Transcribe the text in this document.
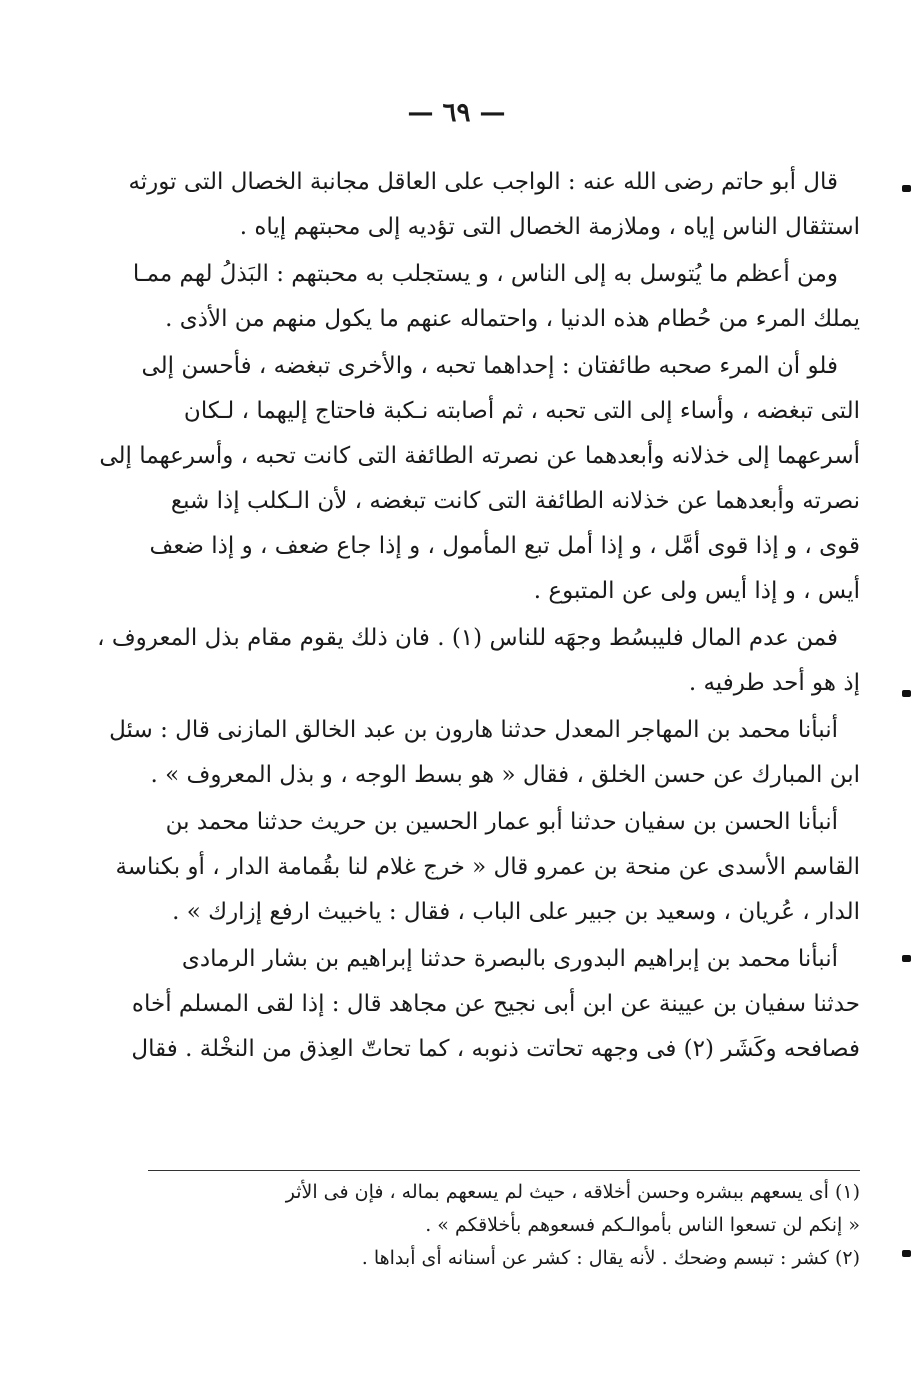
— ٦٩ —
قال أبو حاتم رضى الله عنه : الواجب على العاقل مجانبة الخصال التى تورثه
استثقال الناس إياه ، وملازمة الخصال التى تؤديه إلى محبتهم إياه .
ومن أعظم ما يُتوسل به إلى الناس ، و يستجلب به محبتهم : البَذلُ لهم ممـا
يملك المرء من حُطام هذه الدنيا ، واحتماله عنهم ما يكول منهم من الأذى .
فلو أن المرء صحبه طائفتان : إحداهما تحبه ، والأخرى تبغضه ، فأحسن إلى
التى تبغضه ، وأساء إلى التى تحبه ، ثم أصابته نـكبة فاحتاج إليهما ، لـكان
أسرعهما إلى خذلانه وأبعدهما عن نصرته الطائفة التى كانت تحبه ، وأسرعهما إلى
نصرته وأبعدهما عن خذلانه الطائفة التى كانت تبغضه ، لأن الـكلب إذا شبع
قوى ، و إذا قوى أمَّل ، و إذا أمل تبع المأمول ، و إذا جاع ضعف ، و إذا ضعف
أيس ، و إذا أيس ولى عن المتبوع .
فمن عدم المال فليبسُط وجهَه للناس (١) . فان ذلك يقوم مقام بذل المعروف ،
إذ هو أحد طرفيه .
أنبأنا محمد بن المهاجر المعدل حدثنا هارون بن عبد الخالق المازنى قال : سئل
ابن المبارك عن حسن الخلق ، فقال « هو بسط الوجه ، و بذل المعروف » .
أنبأنا الحسن بن سفيان حدثنا أبو عمار الحسين بن حريث حدثنا محمد بن
القاسم الأسدى عن منحة بن عمرو قال « خرج غلام لنا بقُمامة الدار ، أو بكناسة
الدار ، عُريان ، وسعيد بن جبير على الباب ، فقال : ياخبيث ارفع إزارك » .
أنبأنا محمد بن إبراهيم البدورى بالبصرة حدثنا إبراهيم بن بشار الرمادى
حدثنا سفيان بن عيينة عن ابن أبى نجيح عن مجاهد قال : إذا لقى المسلم أخاه
فصافحه وكَشَر (٢) فى وجهه تحاتت ذنوبه ، كما تحاتّ العِذق من النخْلة . فقال
(١) أى يسعهم ببشره وحسن أخلاقه ، حيث لم يسعهم بماله ، فإن فى الأثر
« إنكم لن تسعوا الناس بأموالـكم فسعوهم بأخلاقكم » .
(٢) كشر : تبسم وضحك . لأنه يقال : كشر عن أسنانه أى أبداها .
